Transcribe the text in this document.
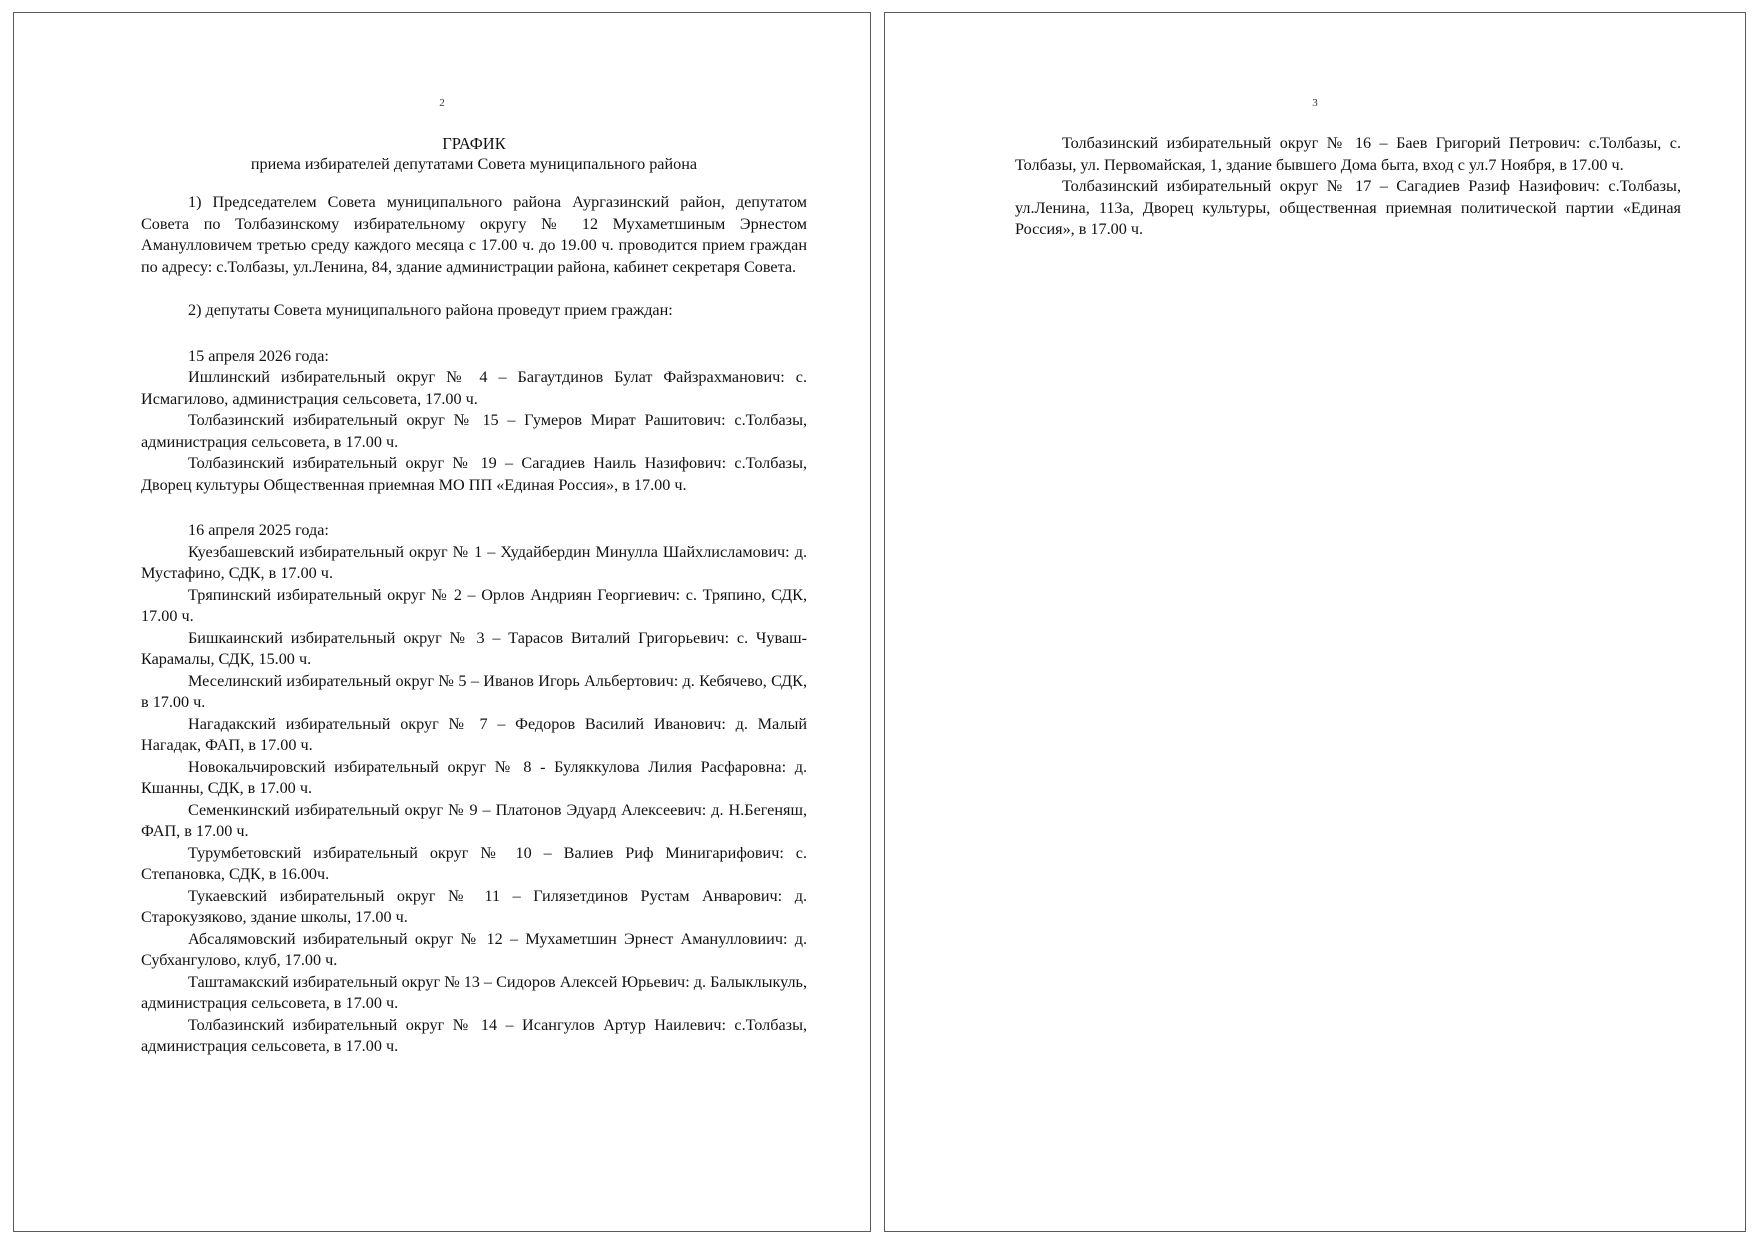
2
ГРАФИК
приема избирателей депутатами Совета муниципального района

1) Председателем Совета муниципального района Аургазинский район, депутатом Совета по Толбазинскому избирательному округу № 12 Мухаметшиным Эрнестом Аманулловичем третью среду каждого месяца с 17.00 ч. до 19.00 ч. проводится прием граждан по адресу: с.Толбазы, ул.Ленина, 84, здание администрации района, кабинет секретаря Совета.

2) депутаты Совета муниципального района проведут прием граждан:

15 апреля 2026 года:

Ишлинский избирательный округ № 4 – Багаутдинов Булат Файзрахманович: с. Исмагилово, администрация сельсовета, 17.00 ч.

Толбазинский избирательный округ № 15 – Гумеров Мират Рашитович: с.Толбазы, администрация сельсовета, в 17.00 ч.

Толбазинский избирательный округ № 19 – Сагадиев Наиль Назифович: с.Толбазы, Дворец культуры Общественная приемная МО ПП «Единая Россия», в 17.00 ч.

16 апреля 2025 года:

Куезбашевский избирательный округ № 1 – Худайбердин Минулла Шайхлисламович: д. Мустафино, СДК, в 17.00 ч.

Тряпинский избирательный округ № 2 – Орлов Андриян Георгиевич: с. Тряпино, СДК, 17.00 ч.

Бишкаинский избирательный округ № 3 – Тарасов Виталий Григорьевич: с. Чуваш-Карамалы, СДК, 15.00 ч.

Меселинский избирательный округ № 5 – Иванов Игорь Альбертович: д. Кебячево, СДК, в 17.00 ч.

Нагадакский избирательный округ № 7 – Федоров Василий Иванович: д. Малый Нагадак, ФАП, в 17.00 ч.

Новокальчировский избирательный округ № 8 - Буляккулова Лилия Расфаровна: д. Кшанны, СДК, в 17.00 ч.

Семенкинский избирательный округ № 9 – Платонов Эдуард Алексеевич: д. Н.Бегеняш, ФАП, в 17.00 ч.

Турумбетовский избирательный округ № 10 – Валиев Риф Минигарифович: с. Степановка, СДК, в 16.00ч.

Тукаевский избирательный округ № 11 – Гилязетдинов Рустам Анварович: д. Старокузяково, здание школы, 17.00 ч.

Абсалямовский избирательный округ № 12 – Мухаметшин Эрнест Аманулловиич: д. Субхангулово, клуб, 17.00 ч.

Таштамакский избирательный округ № 13 – Сидоров Алексей Юрьевич: д. Балыклыкуль, администрация сельсовета, в 17.00 ч.

Толбазинский избирательный округ № 14 – Исангулов Артур Наилевич: с.Толбазы, администрация сельсовета, в 17.00 ч.

3

Толбазинский избирательный округ № 16 – Баев Григорий Петрович: с.Толбазы, с. Толбазы, ул. Первомайская, 1, здание бывшего Дома быта, вход с ул.7 Ноября, в 17.00 ч.

Толбазинский избирательный округ № 17 – Сагадиев Разиф Назифович: с.Толбазы, ул.Ленина, 113а, Дворец культуры, общественная приемная политической партии «Единая Россия», в 17.00 ч.
